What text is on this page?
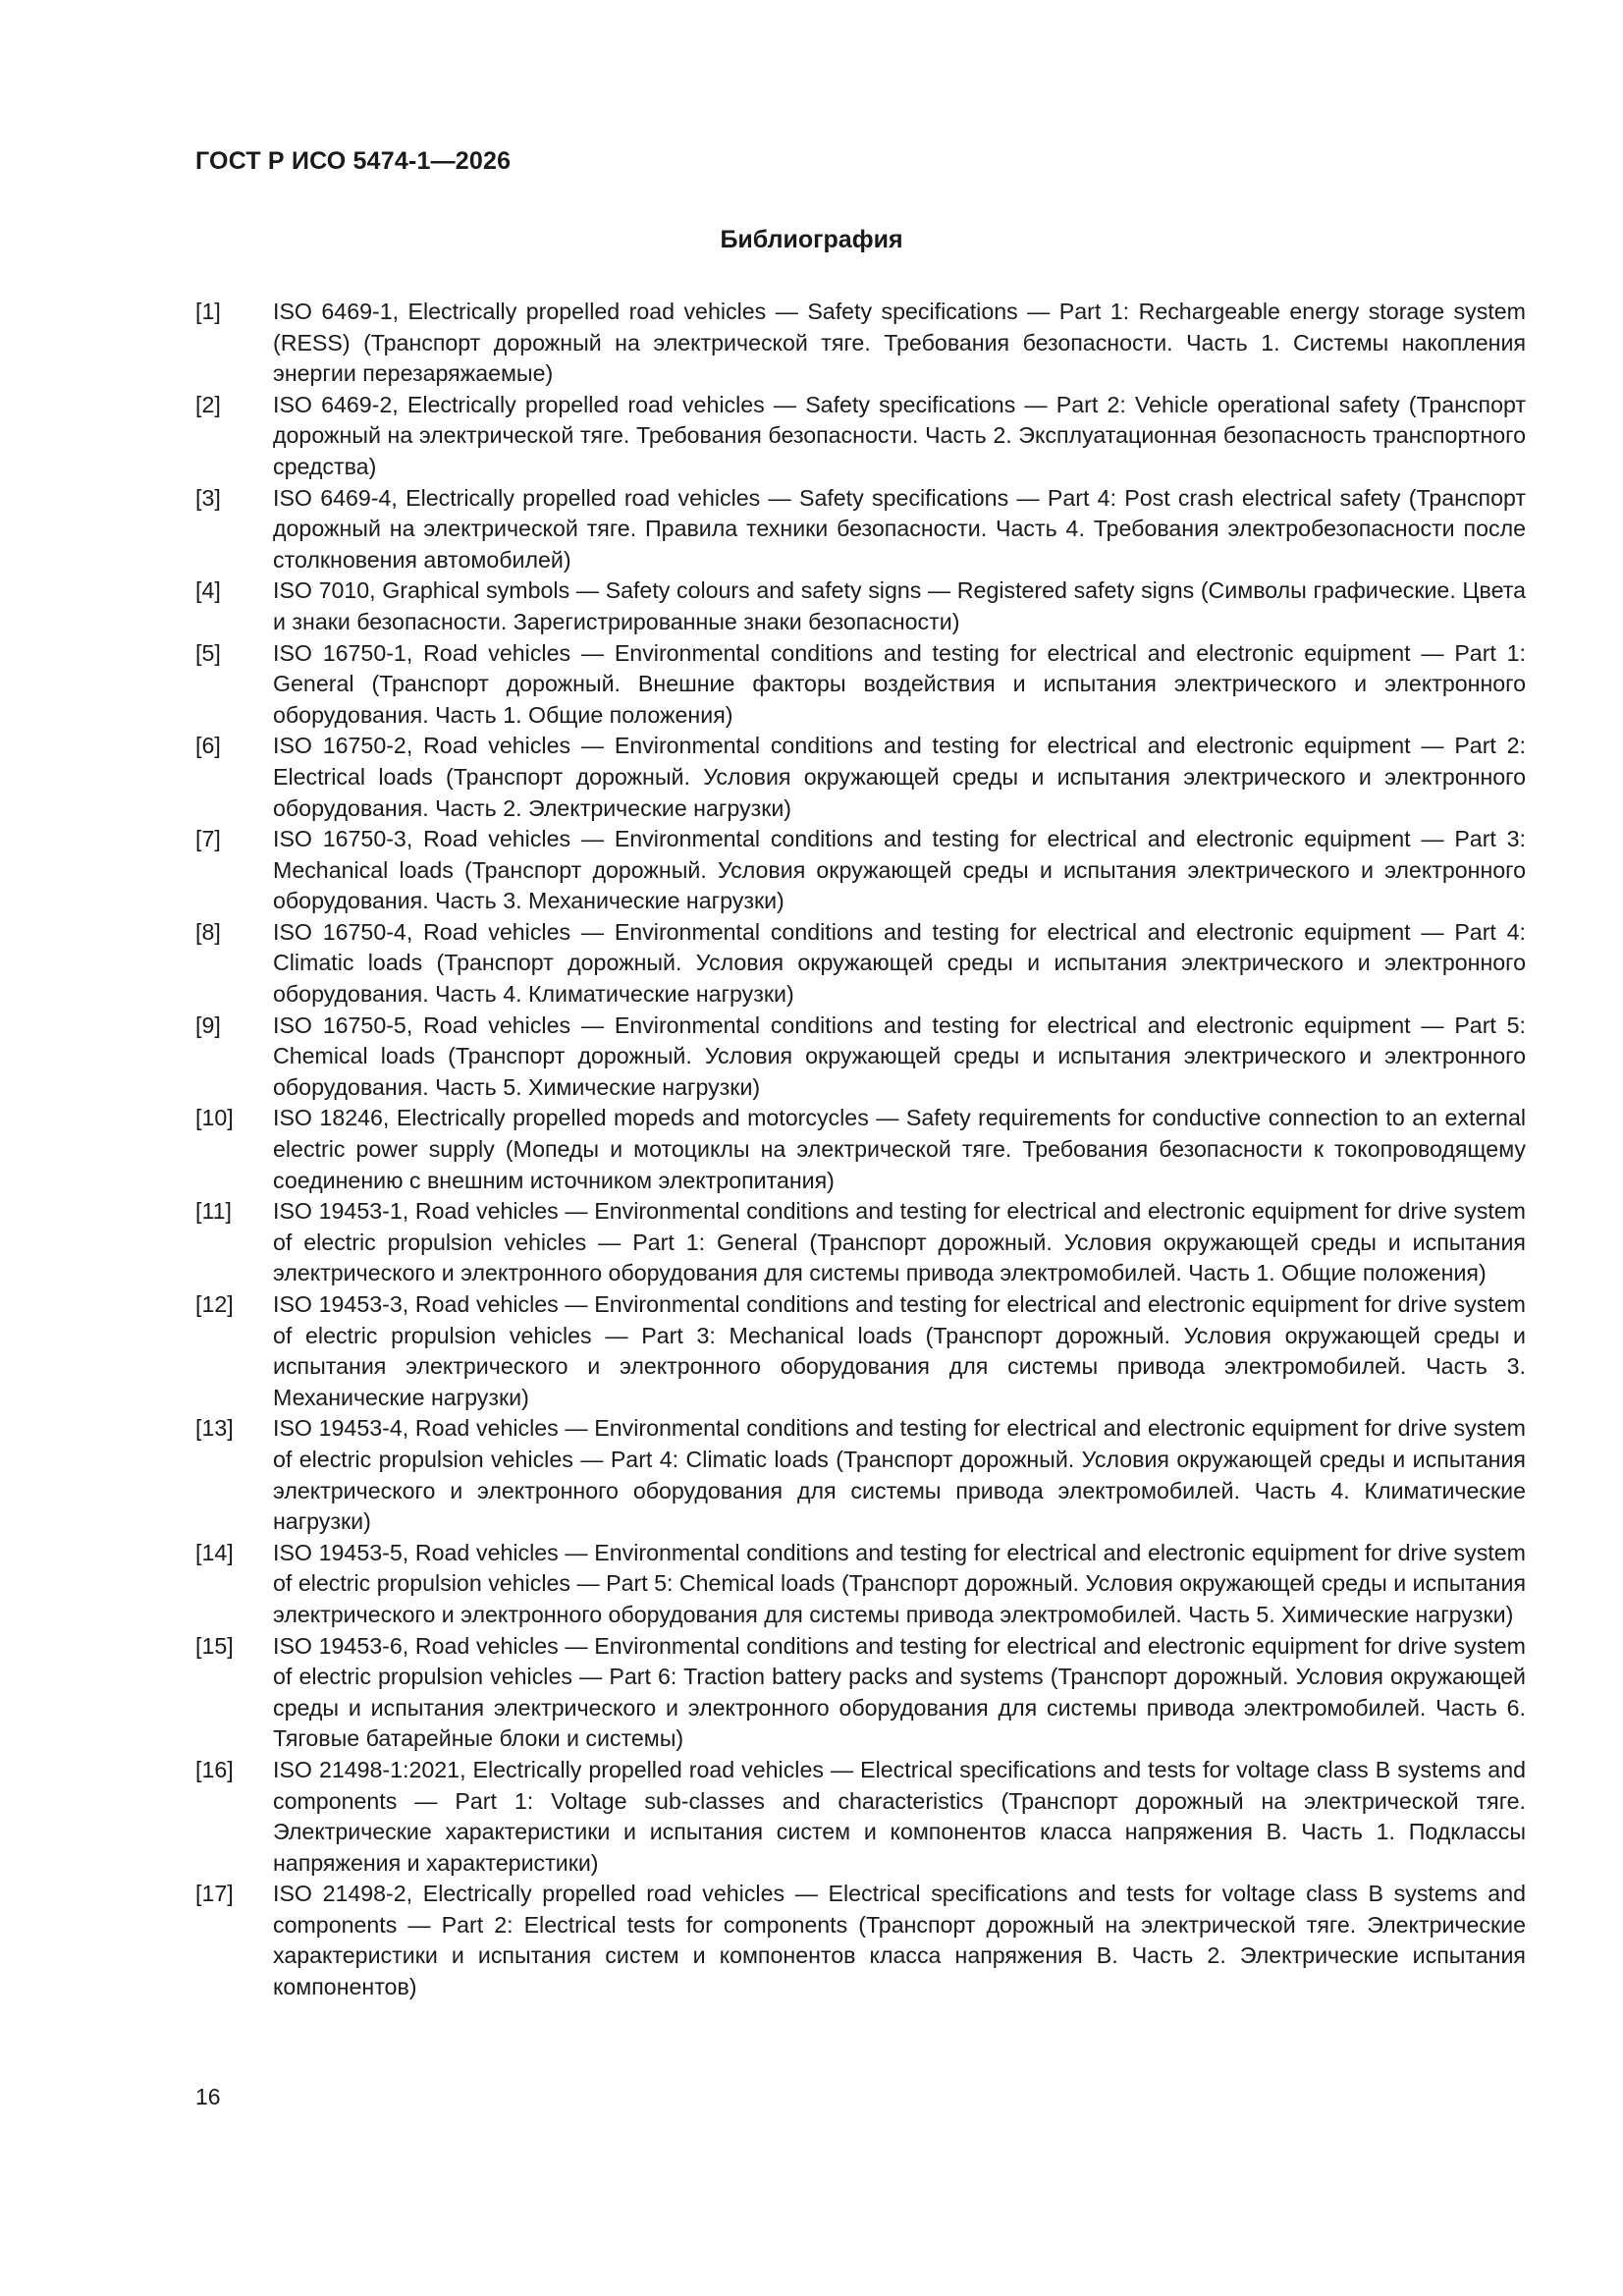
ГОСТ Р ИСО 5474-1—2026
Библиография
[1]	ISO 6469-1, Electrically propelled road vehicles — Safety specifications — Part 1: Rechargeable energy storage system (RESS) (Транспорт дорожный на электрической тяге. Требования безопасности. Часть 1. Системы накопления энергии перезаряжаемые)
[2]	ISO 6469-2, Electrically propelled road vehicles — Safety specifications — Part 2: Vehicle operational safety (Транспорт дорожный на электрической тяге. Требования безопасности. Часть 2. Эксплуатационная безопасность транспортного средства)
[3]	ISO 6469-4, Electrically propelled road vehicles — Safety specifications — Part 4: Post crash electrical safety (Транспорт дорожный на электрической тяге. Правила техники безопасности. Часть 4. Требования электробезопасности после столкновения автомобилей)
[4]	ISO 7010, Graphical symbols — Safety colours and safety signs — Registered safety signs (Символы графические. Цвета и знаки безопасности. Зарегистрированные знаки безопасности)
[5]	ISO 16750-1, Road vehicles — Environmental conditions and testing for electrical and electronic equipment — Part 1: General (Транспорт дорожный. Внешние факторы воздействия и испытания электрического и электронного оборудования. Часть 1. Общие положения)
[6]	ISO 16750-2, Road vehicles — Environmental conditions and testing for electrical and electronic equipment — Part 2: Electrical loads (Транспорт дорожный. Условия окружающей среды и испытания электрического и электронного оборудования. Часть 2. Электрические нагрузки)
[7]	ISO 16750-3, Road vehicles — Environmental conditions and testing for electrical and electronic equipment — Part 3: Mechanical loads (Транспорт дорожный. Условия окружающей среды и испытания электрического и электронного оборудования. Часть 3. Механические нагрузки)
[8]	ISO 16750-4, Road vehicles — Environmental conditions and testing for electrical and electronic equipment — Part 4: Climatic loads (Транспорт дорожный. Условия окружающей среды и испытания электрического и электронного оборудования. Часть 4. Климатические нагрузки)
[9]	ISO 16750-5, Road vehicles — Environmental conditions and testing for electrical and electronic equipment — Part 5: Chemical loads (Транспорт дорожный. Условия окружающей среды и испытания электрического и электронного оборудования. Часть 5. Химические нагрузки)
[10]	ISO 18246, Electrically propelled mopeds and motorcycles — Safety requirements for conductive connection to an external electric power supply (Мопеды и мотоциклы на электрической тяге. Требования безопасности к токопроводящему соединению с внешним источником электропитания)
[11]	ISO 19453-1, Road vehicles — Environmental conditions and testing for electrical and electronic equipment for drive system of electric propulsion vehicles — Part 1: General (Транспорт дорожный. Условия окружающей среды и испытания электрического и электронного оборудования для системы привода электромобилей. Часть 1. Общие положения)
[12]	ISO 19453-3, Road vehicles — Environmental conditions and testing for electrical and electronic equipment for drive system of electric propulsion vehicles — Part 3: Mechanical loads (Транспорт дорожный. Условия окружающей среды и испытания электрического и электронного оборудования для системы привода электромобилей. Часть 3. Механические нагрузки)
[13]	ISO 19453-4, Road vehicles — Environmental conditions and testing for electrical and electronic equipment for drive system of electric propulsion vehicles — Part 4: Climatic loads (Транспорт дорожный. Условия окружающей среды и испытания электрического и электронного оборудования для системы привода электромобилей. Часть 4. Климатические нагрузки)
[14]	ISO 19453-5, Road vehicles — Environmental conditions and testing for electrical and electronic equipment for drive system of electric propulsion vehicles — Part 5: Chemical loads (Транспорт дорожный. Условия окружающей среды и испытания электрического и электронного оборудования для системы привода электромобилей. Часть 5. Химические нагрузки)
[15]	ISO 19453-6, Road vehicles — Environmental conditions and testing for electrical and electronic equipment for drive system of electric propulsion vehicles — Part 6: Traction battery packs and systems (Транспорт дорожный. Условия окружающей среды и испытания электрического и электронного оборудования для системы привода электромобилей. Часть 6. Тяговые батарейные блоки и системы)
[16]	ISO 21498-1:2021, Electrically propelled road vehicles — Electrical specifications and tests for voltage class B systems and components — Part 1: Voltage sub-classes and characteristics (Транспорт дорожный на электрической тяге. Электрические характеристики и испытания систем и компонентов класса напряжения В. Часть 1. Подклассы напряжения и характеристики)
[17]	ISO 21498-2, Electrically propelled road vehicles — Electrical specifications and tests for voltage class B systems and components — Part 2: Electrical tests for components (Транспорт дорожный на электрической тяге. Электрические характеристики и испытания систем и компонентов класса напряжения В. Часть 2. Электрические испытания компонентов)
16
